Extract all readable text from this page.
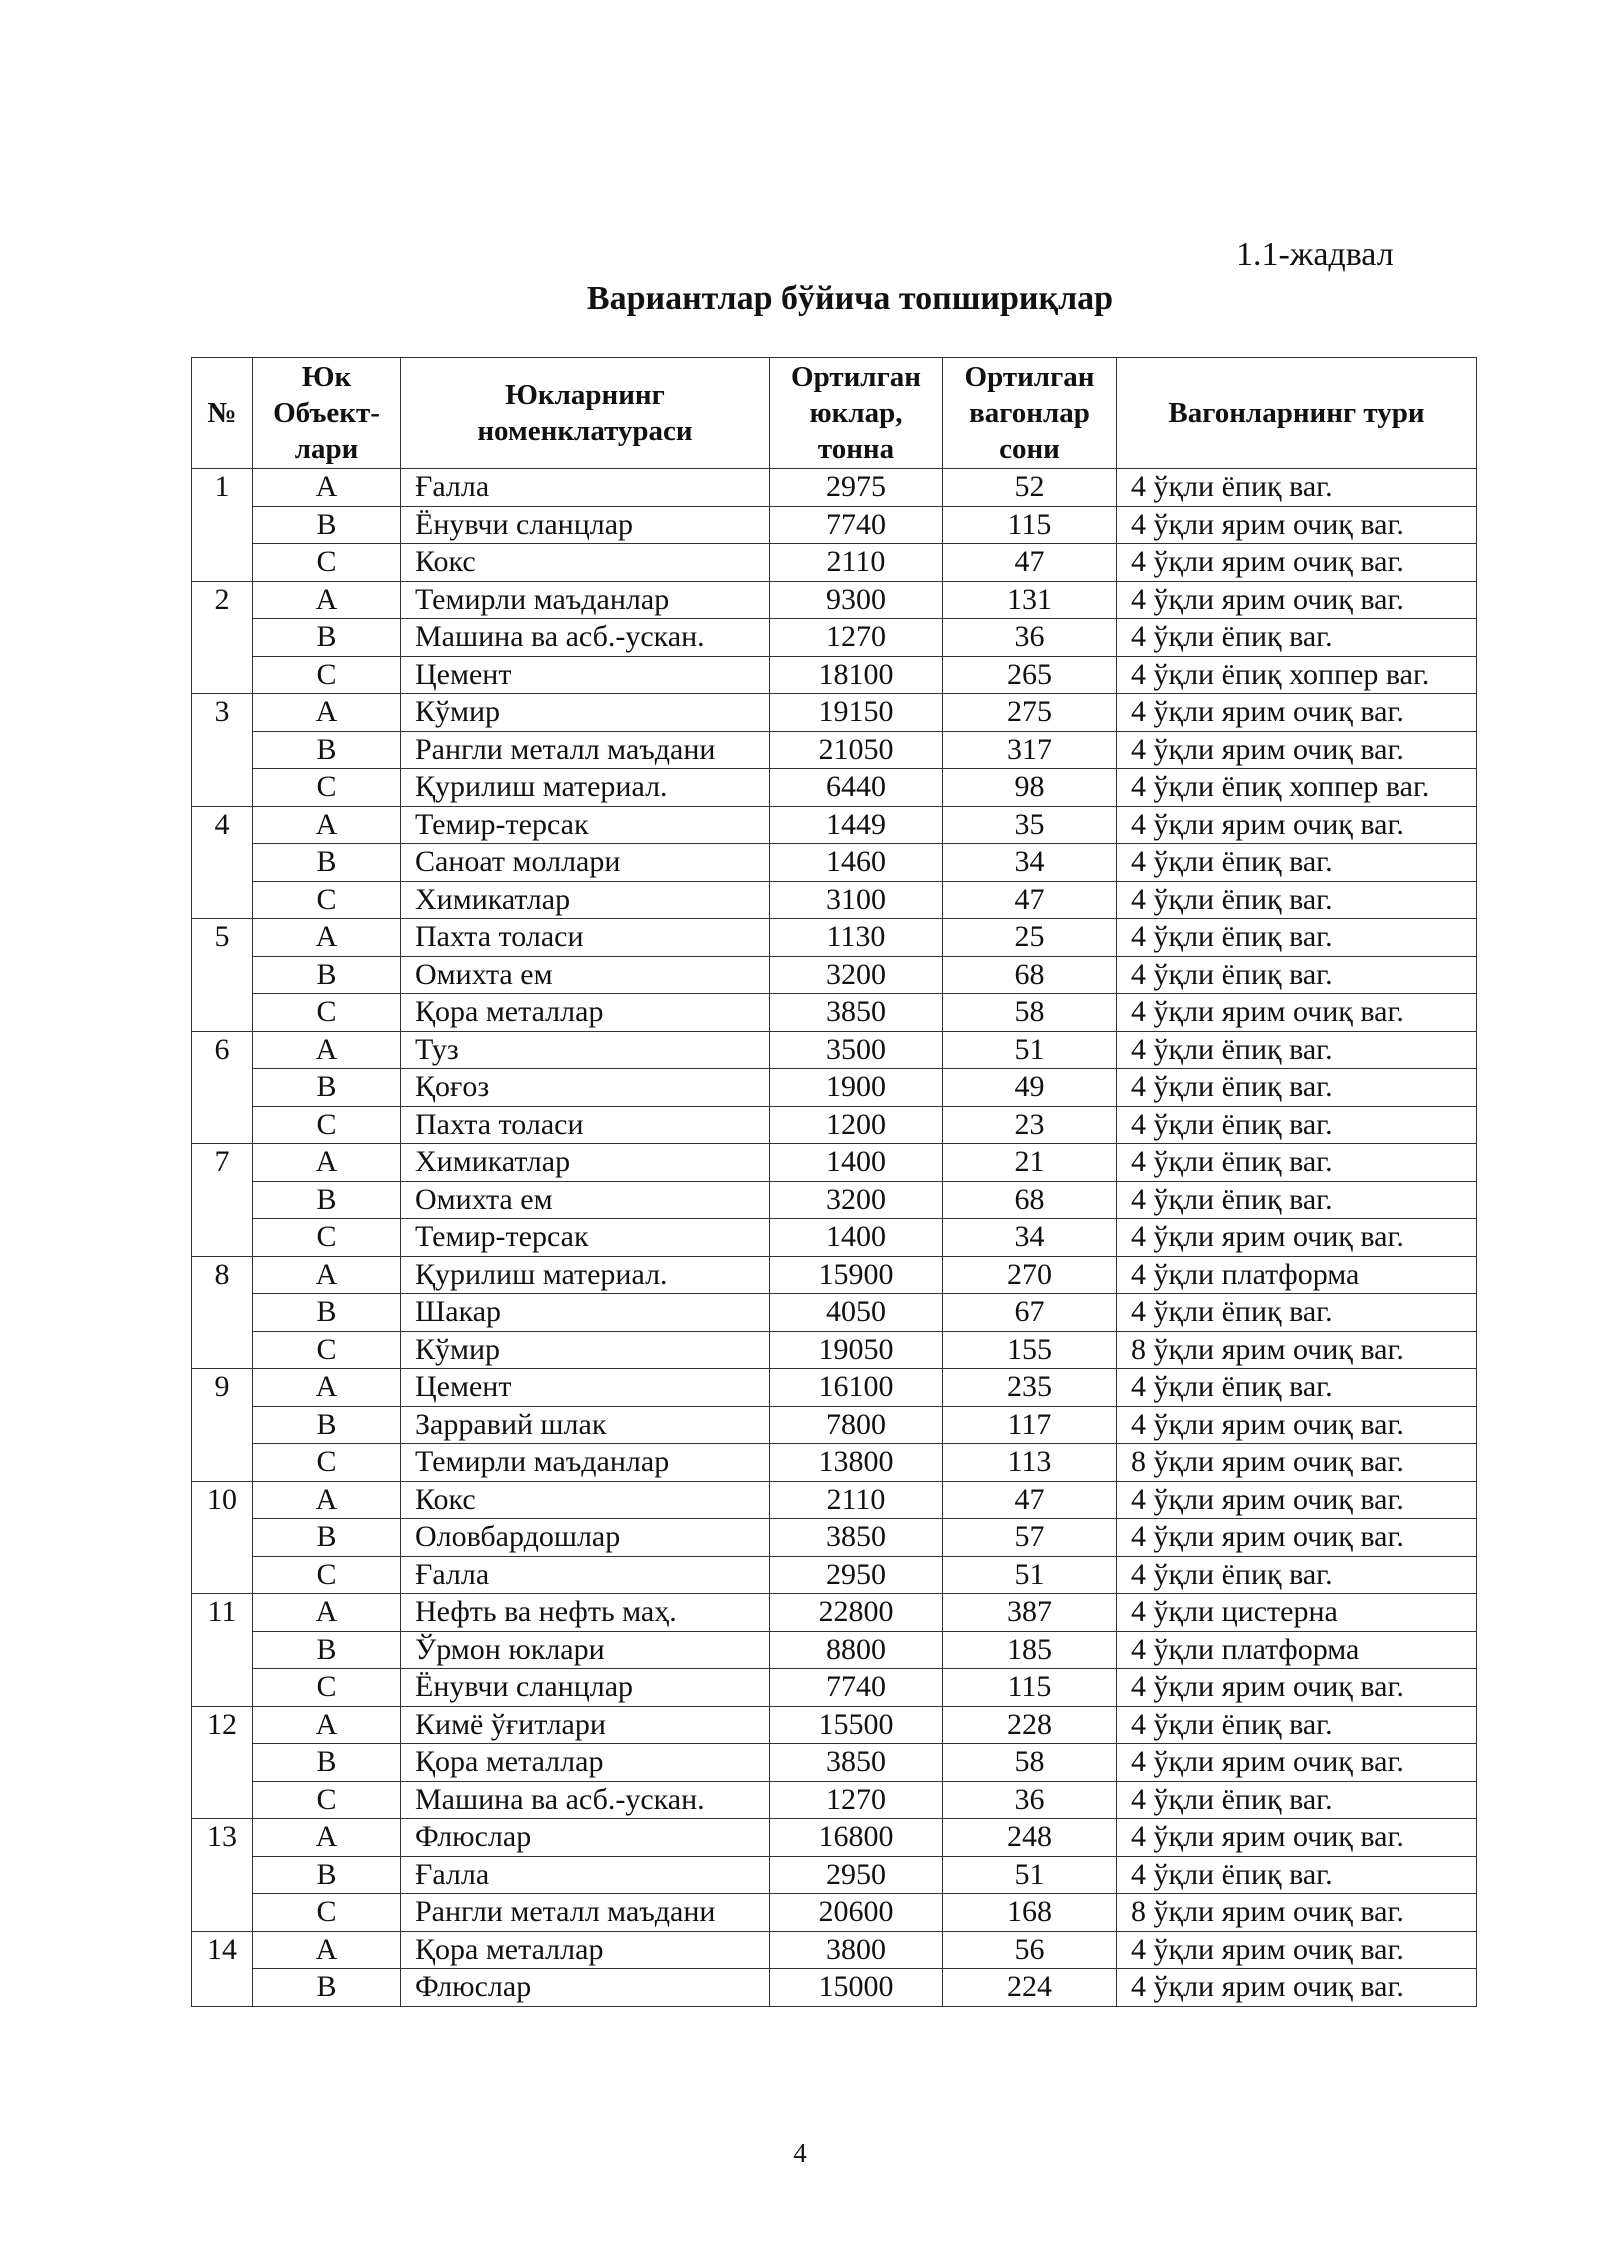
1.1-жадвал
Вариантлар бўйича топшириқлар
№	Юк Объект-лари	Юкларнинг номенклатураси	Ортилган юклар, тонна	Ортилган вагонлар сони	Вагонларнинг тури
1	A	Ғалла	2975	52	4 ўқли ёпиқ ваг.
	B	Ёнувчи сланцлар	7740	115	4 ўқли ярим очиқ ваг.
	C	Кокс	2110	47	4 ўқли ярим очиқ ваг.
2	A	Темирли маъданлар	9300	131	4 ўқли ярим очиқ ваг.
	B	Машина ва асб.-ускан.	1270	36	4 ўқли ёпиқ ваг.
	C	Цемент	18100	265	4 ўқли ёпиқ хоппер ваг.
3	A	Кўмир	19150	275	4 ўқли ярим очиқ ваг.
	B	Рангли металл маъдани	21050	317	4 ўқли ярим очиқ ваг.
	C	Қурилиш материал.	6440	98	4 ўқли ёпиқ хоппер ваг.
4	A	Темир-терсак	1449	35	4 ўқли ярим очиқ ваг.
	B	Саноат моллари	1460	34	4 ўқли ёпиқ ваг.
	C	Химикатлар	3100	47	4 ўқли ёпиқ ваг.
5	A	Пахта толаси	1130	25	4 ўқли ёпиқ ваг.
	B	Омихта ем	3200	68	4 ўқли ёпиқ ваг.
	C	Қора металлар	3850	58	4 ўқли ярим очиқ ваг.
6	A	Туз	3500	51	4 ўқли ёпиқ ваг.
	B	Қоғоз	1900	49	4 ўқли ёпиқ ваг.
	C	Пахта толаси	1200	23	4 ўқли ёпиқ ваг.
7	A	Химикатлар	1400	21	4 ўқли ёпиқ ваг.
	B	Омихта ем	3200	68	4 ўқли ёпиқ ваг.
	C	Темир-терсак	1400	34	4 ўқли ярим очиқ ваг.
8	A	Қурилиш материал.	15900	270	4 ўқли платформа
	B	Шакар	4050	67	4 ўқли ёпиқ ваг.
	C	Кўмир	19050	155	8 ўқли ярим очиқ ваг.
9	A	Цемент	16100	235	4 ўқли ёпиқ ваг.
	B	Зарравий шлак	7800	117	4 ўқли ярим очиқ ваг.
	C	Темирли маъданлар	13800	113	8 ўқли ярим очиқ ваг.
10	A	Кокс	2110	47	4 ўқли ярим очиқ ваг.
	B	Оловбардошлар	3850	57	4 ўқли ярим очиқ ваг.
	C	Ғалла	2950	51	4 ўқли ёпиқ ваг.
11	A	Нефть ва нефть маҳ.	22800	387	4 ўқли цистерна
	B	Ўрмон юклари	8800	185	4 ўқли платформа
	C	Ёнувчи сланцлар	7740	115	4 ўқли ярим очиқ ваг.
12	A	Кимё ўғитлари	15500	228	4 ўқли ёпиқ ваг.
	B	Қора металлар	3850	58	4 ўқли ярим очиқ ваг.
	C	Машина ва асб.-ускан.	1270	36	4 ўқли ёпиқ ваг.
13	A	Флюслар	16800	248	4 ўқли ярим очиқ ваг.
	B	Ғалла	2950	51	4 ўқли ёпиқ ваг.
	C	Рангли металл маъдани	20600	168	8 ўқли ярим очиқ ваг.
14	A	Қора металлар	3800	56	4 ўқли ярим очиқ ваг.
	B	Флюслар	15000	224	4 ўқли ярим очиқ ваг.
4
